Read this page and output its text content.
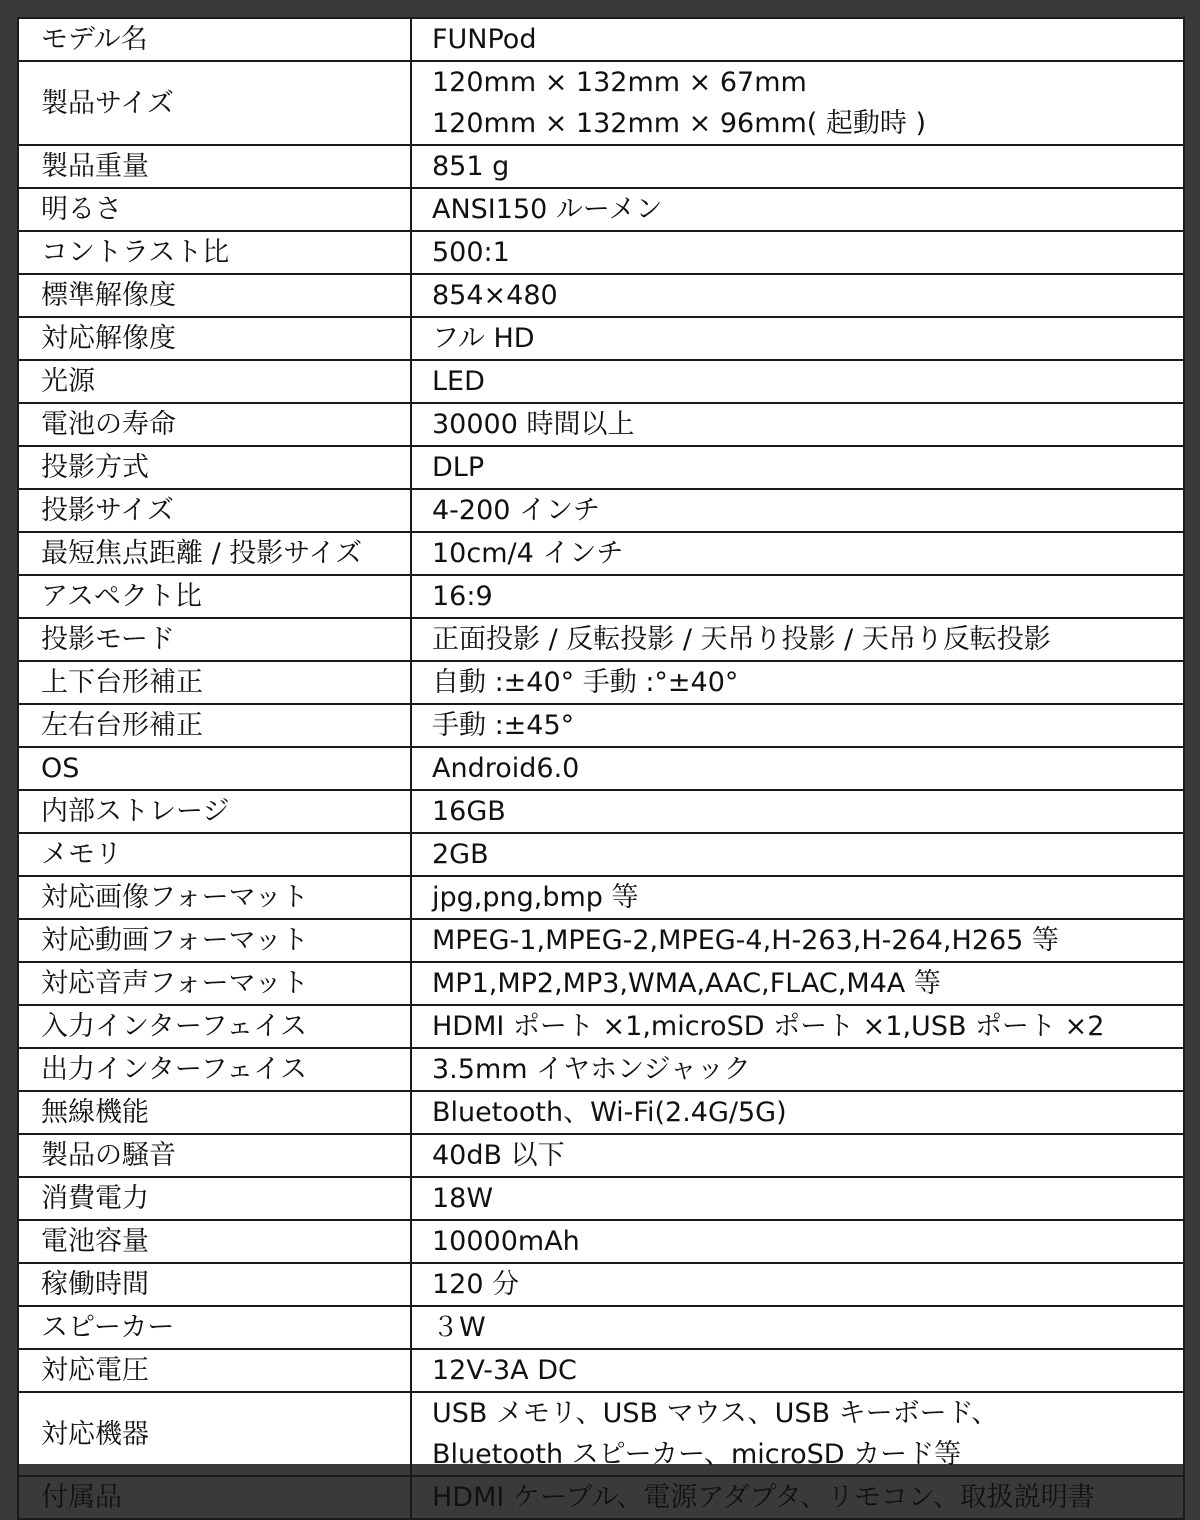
モデル名	FUNPod

製品サイズ	120mm × 132mm × 67mm
120mm × 132mm × 96mm( 起動時 )

製品重量	851 g

明るさ	ANSI150 ルーメン

コントラスト比	500:1

標準解像度	854×480

対応解像度	フル HD

光源	LED

電池の寿命	30000 時間以上

投影方式	DLP

投影サイズ	4-200 インチ

最短焦点距離 / 投影サイズ	10cm/4 インチ

アスペクト比	16:9

投影モード	正面投影 / 反転投影 / 天吊り投影 / 天吊り反転投影

上下台形補正	自動 :±40° 手動 :°±40°

左右台形補正	手動 :±45°

OS	Android6.0

内部ストレージ	16GB

メモリ	2GB

対応画像フォーマット	jpg,png,bmp 等

対応動画フォーマット	MPEG-1,MPEG-2,MPEG-4,H-263,H-264,H265 等

対応音声フォーマット	MP1,MP2,MP3,WMA,AAC,FLAC,M4A 等

入力インターフェイス	HDMI ポート ×1,microSD ポート ×1,USB ポート ×2

出力インターフェイス	3.5mm イヤホンジャック

無線機能	Bluetooth、Wi-Fi(2.4G/5G)

製品の騒音	40dB 以下

消費電力	18W

電池容量	10000mAh

稼働時間	120 分

スピーカー	３W

対応電圧	12V-3A DC

対応機器	USB メモリ、USB マウス、USB キーボード、
Bluetooth スピーカー、microSD カード等

付属品	HDMI ケーブル、電源アダプタ、リモコン、取扱説明書
